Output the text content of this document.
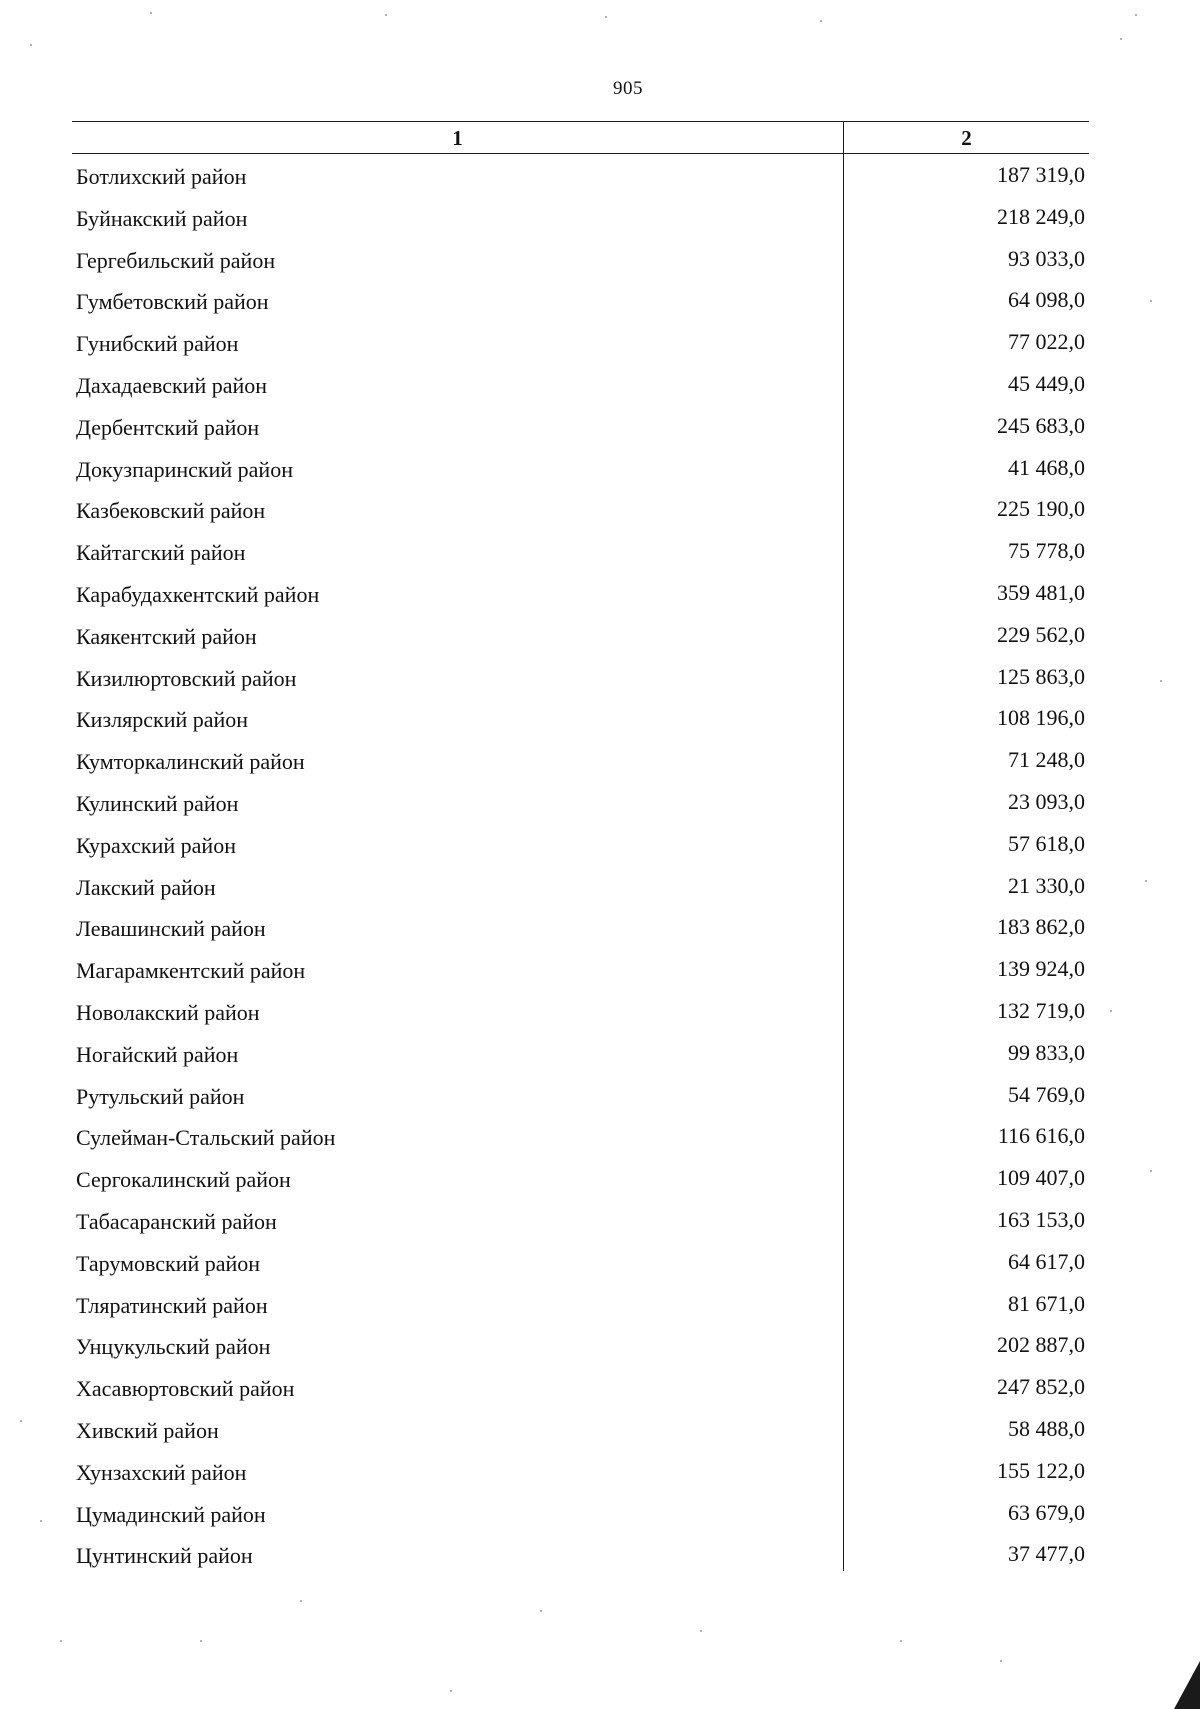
905
1	2
Ботлихский район	187 319,0
Буйнакский район	218 249,0
Гергебильский район	93 033,0
Гумбетовский район	64 098,0
Гунибский район	77 022,0
Дахадаевский район	45 449,0
Дербентский район	245 683,0
Докузпаринский район	41 468,0
Казбековский район	225 190,0
Кайтагский район	75 778,0
Карабудахкентский район	359 481,0
Каякентский район	229 562,0
Кизилюртовский район	125 863,0
Кизлярский район	108 196,0
Кумторкалинский район	71 248,0
Кулинский район	23 093,0
Курахский район	57 618,0
Лакский район	21 330,0
Левашинский район	183 862,0
Магарамкентский район	139 924,0
Новолакский район	132 719,0
Ногайский район	99 833,0
Рутульский район	54 769,0
Сулейман-Стальский район	116 616,0
Сергокалинский район	109 407,0
Табасаранский район	163 153,0
Тарумовский район	64 617,0
Тляратинский район	81 671,0
Унцукульский район	202 887,0
Хасавюртовский район	247 852,0
Хивский район	58 488,0
Хунзахский район	155 122,0
Цумадинский район	63 679,0
Цунтинский район	37 477,0
